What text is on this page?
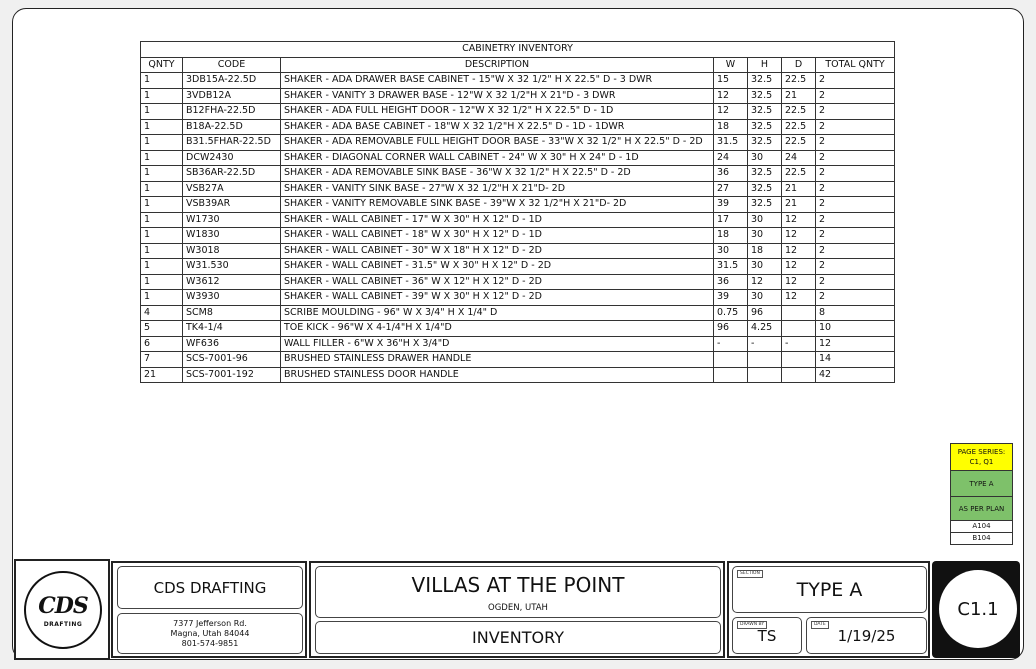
CABINETRY INVENTORY						
QNTY	CODE	DESCRIPTION	W	H	D	TOTAL QNTY
1	3DB15A-22.5D	SHAKER - ADA DRAWER BASE CABINET - 15"W X 32 1/2" H X 22.5" D - 3 DWR	15	32.5	22.5	2
1	3VDB12A	SHAKER - VANITY 3 DRAWER BASE - 12"W X 32 1/2"H X 21"D - 3 DWR	12	32.5	21	2
1	B12FHA-22.5D	SHAKER - ADA FULL HEIGHT DOOR - 12"W X 32 1/2" H X 22.5" D - 1D	12	32.5	22.5	2
1	B18A-22.5D	SHAKER - ADA BASE CABINET - 18"W X 32 1/2"H X 22.5" D - 1D - 1DWR	18	32.5	22.5	2
1	B31.5FHAR-22.5D	SHAKER - ADA REMOVABLE FULL HEIGHT DOOR BASE - 33"W X 32 1/2" H X 22.5" D - 2D	31.5	32.5	22.5	2
1	DCW2430	SHAKER - DIAGONAL CORNER WALL CABINET - 24" W X 30" H X 24" D - 1D	24	30	24	2
1	SB36AR-22.5D	SHAKER - ADA REMOVABLE SINK BASE - 36"W X 32 1/2" H X 22.5" D - 2D	36	32.5	22.5	2
1	VSB27A	SHAKER - VANITY SINK BASE - 27"W X 32 1/2"H X 21"D- 2D	27	32.5	21	2
1	VSB39AR	SHAKER - VANITY REMOVABLE SINK BASE - 39"W X 32 1/2"H X 21"D- 2D	39	32.5	21	2
1	W1730	SHAKER - WALL CABINET - 17" W X 30" H X 12" D - 1D	17	30	12	2
1	W1830	SHAKER - WALL CABINET - 18" W X 30" H X 12" D - 1D	18	30	12	2
1	W3018	SHAKER - WALL CABINET - 30" W X 18" H X 12" D - 2D	30	18	12	2
1	W31.530	SHAKER - WALL CABINET - 31.5" W X 30" H X 12" D - 2D	31.5	30	12	2
1	W3612	SHAKER - WALL CABINET - 36" W X 12" H X 12" D - 2D	36	12	12	2
1	W3930	SHAKER - WALL CABINET - 39" W X 30" H X 12" D - 2D	39	30	12	2
4	SCM8	SCRIBE MOULDING - 96" W X 3/4" H X 1/4" D	0.75	96		8
5	TK4-1/4	TOE KICK - 96"W X 4-1/4"H X 1/4"D	96	4.25		10
6	WF636	WALL FILLER - 6"W X 36"H X 3/4"D	-	-	-	12
7	SCS-7001-96	BRUSHED STAINLESS DRAWER HANDLE				14
21	SCS-7001-192	BRUSHED STAINLESS DOOR HANDLE				42
PAGE SERIES:
C1, Q1
TYPE A
AS PER PLAN
A104
B104
CDS
DRAFTING
CDS DRAFTING
7377 Jefferson Rd.
Magna, Utah 84044
801-574-9851
VILLAS AT THE POINT
OGDEN, UTAH
INVENTORY
SECTION
TYPE A
DRAWN BY
TS
DATE
1/19/25
C1.1
